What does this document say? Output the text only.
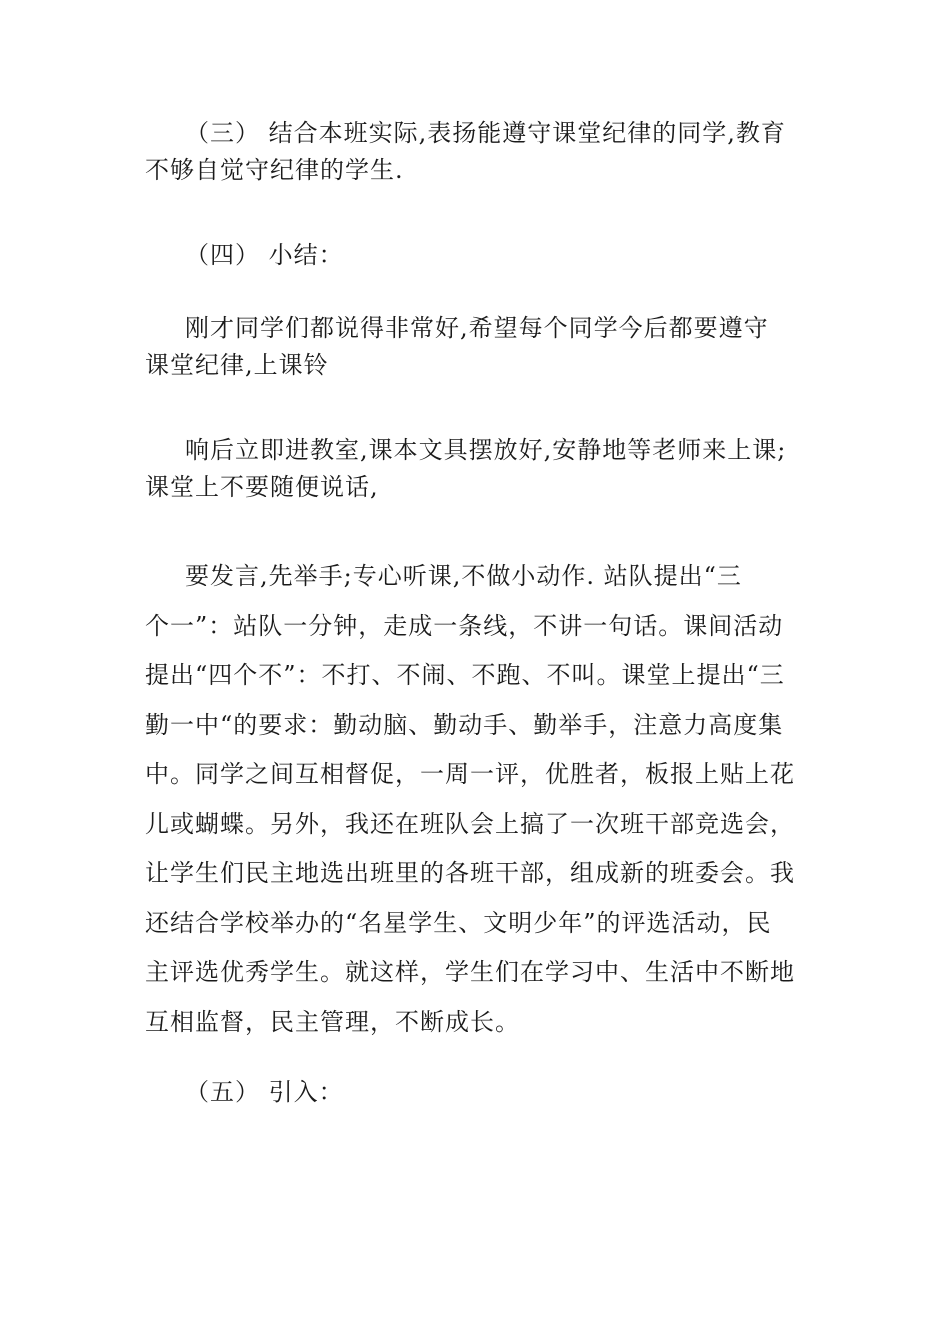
（三） 结合本班实际,表扬能遵守课堂纪律的同学,教育
不够自觉守纪律的学生.
（四） 小结：
刚才同学们都说得非常好,希望每个同学今后都要遵守
课堂纪律,上课铃
响后立即进教室,课本文具摆放好,安静地等老师来上课;
课堂上不要随便说话,
要发言,先举手;专心听课,不做小动作. 站队提出“三
个一”：站队一分钟，走成一条线，不讲一句话。课间活动
提出“四个不”：不打、不闹、不跑、不叫。课堂上提出“三
勤一中“的要求：勤动脑、勤动手、勤举手，注意力高度集
中。同学之间互相督促，一周一评，优胜者，板报上贴上花
儿或蝴蝶。另外，我还在班队会上搞了一次班干部竞选会，
让学生们民主地选出班里的各班干部，组成新的班委会。我
还结合学校举办的“名星学生、文明少年”的评选活动，民
主评选优秀学生。就这样，学生们在学习中、生活中不断地
互相监督，民主管理，不断成长。
（五） 引入：
